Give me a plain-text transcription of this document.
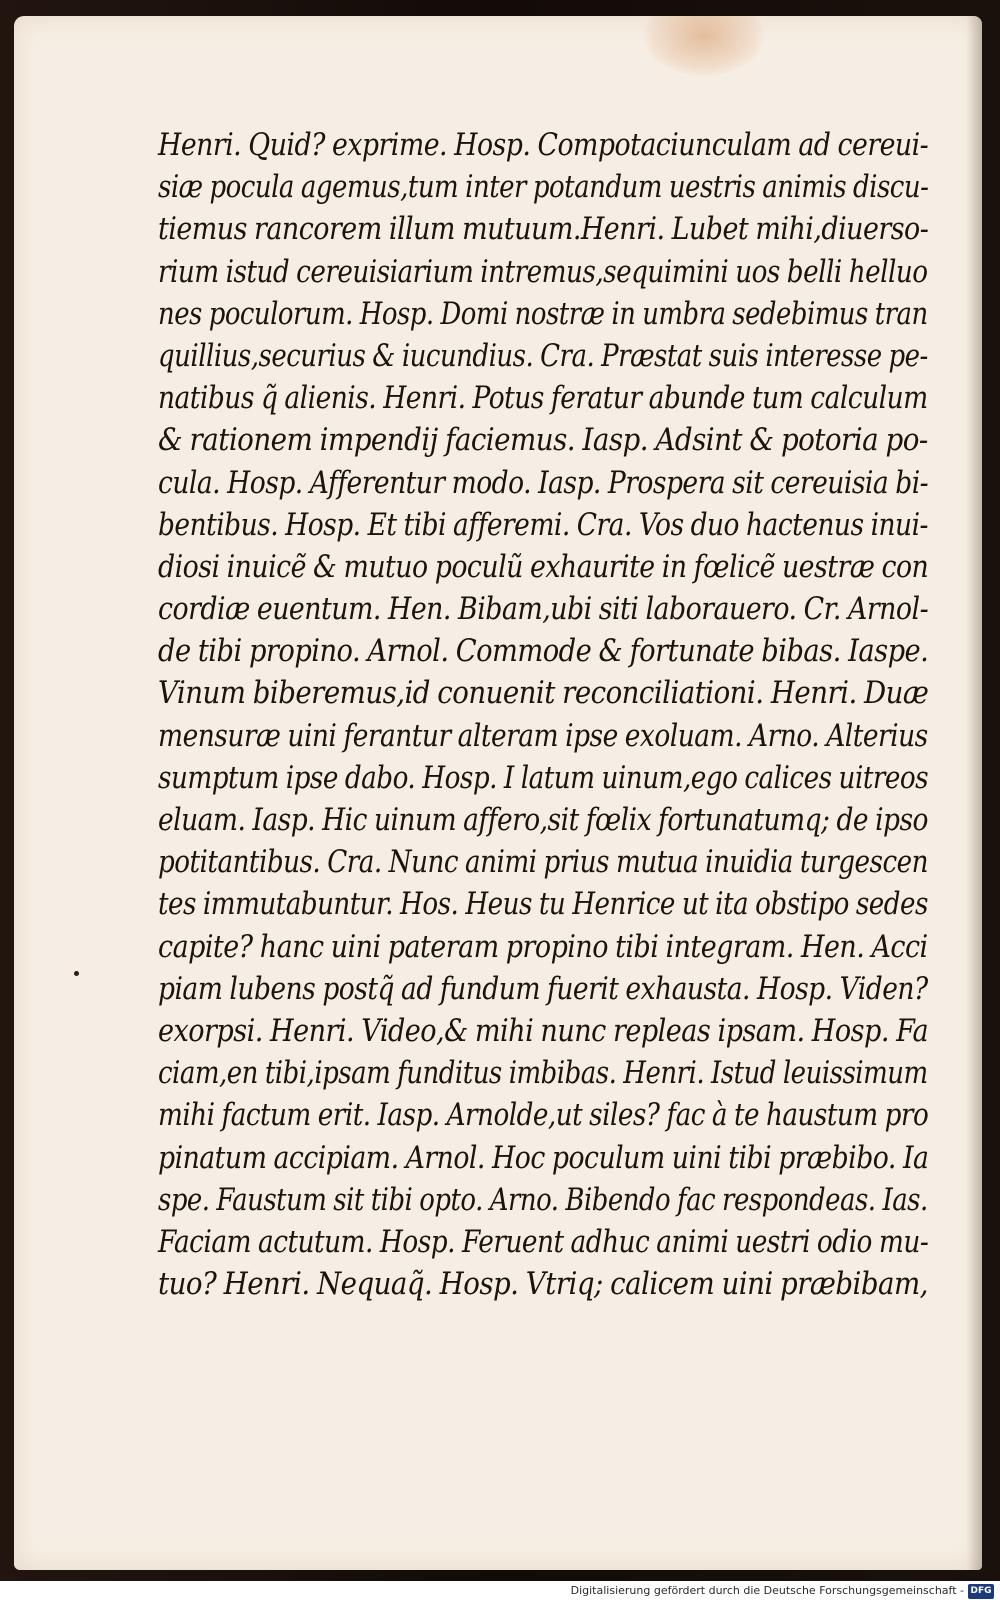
Henri. Quid? exprime. Hosp. Compotaciunculam ad cereui-
siæ pocula agemus,tum inter potandum uestris animis discu-
tiemus rancorem illum mutuum.Henri. Lubet mihi,diuerso-
rium istud cereuisiarium intremus,sequimini uos belli helluo
nes poculorum. Hosp. Domi nostræ in umbra sedebimus tran
quillius,securius & iucundius. Cra. Præstat suis interesse pe-
natibus q̃ alienis. Henri. Potus feratur abunde tum calculum
& rationem impendij faciemus. Iasp. Adsint & potoria po-
cula. Hosp. Afferentur modo. Iasp. Prospera sit cereuisia bi-
bentibus. Hosp. Et tibi afferemi. Cra. Vos duo hactenus inui-
diosi inuicẽ & mutuo poculũ exhaurite in fœlicẽ uestræ con
cordiæ euentum. Hen. Bibam,ubi siti laborauero. Cr. Arnol-
de tibi propino. Arnol. Commode & fortunate bibas. Iaspe.
Vinum biberemus,id conuenit reconciliationi. Henri. Duæ
mensuræ uini ferantur alteram ipse exoluam. Arno. Alterius
sumptum ipse dabo. Hosp. I latum uinum,ego calices uitreos
eluam. Iasp. Hic uinum affero,sit fœlix fortunatumq; de ipso
potitantibus. Cra. Nunc animi prius mutua inuidia turgescen
tes immutabuntur. Hos. Heus tu Henrice ut ita obstipo sedes
capite? hanc uini pateram propino tibi integram. Hen. Acci
piam lubens postq̃ ad fundum fuerit exhausta. Hosp. Viden?
exorpsi. Henri. Video,& mihi nunc repleas ipsam. Hosp. Fa
ciam,en tibi,ipsam funditus imbibas. Henri. Istud leuissimum
mihi factum erit. Iasp. Arnolde,ut siles? fac à te haustum pro
pinatum accipiam. Arnol. Hoc poculum uini tibi præbibo. Ia
spe. Faustum sit tibi opto. Arno. Bibendo fac respondeas. Ias.
Faciam actutum. Hosp. Feruent adhuc animi uestri odio mu-
tuo? Henri. Nequaq̃. Hosp. Vtriq; calicem uini præbibam,
Digitalisierung gefördert durch die Deutsche Forschungsgemeinschaft - DFG
